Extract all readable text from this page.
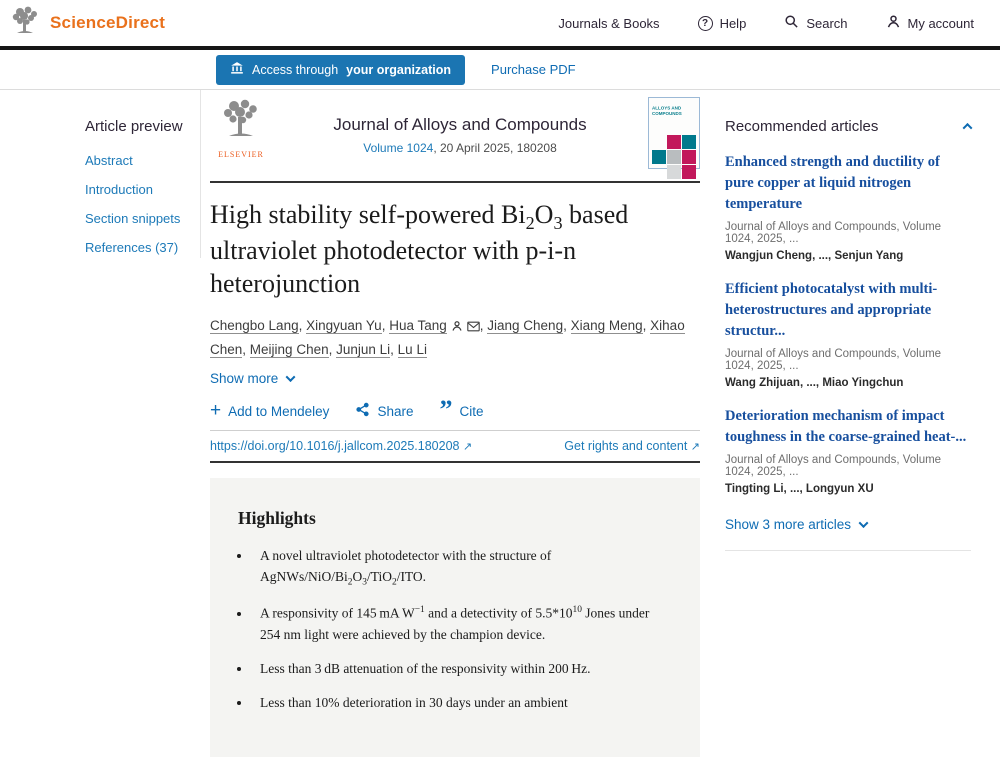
ScienceDirect	Journals & Books	? Help	Search	My account
Access through your organization	Purchase PDF
Article preview
Abstract
Introduction
Section snippets
References (37)
ELSEVIER
Journal of Alloys and Compounds
Volume 1024, 20 April 2025, 180208
ALLOYS AND COMPOUNDS
High stability self-powered $Bi_2O_3$ based ultraviolet photodetector with p-i-n heterojunction
Chengbo Lang, Xingyuan Yu, Hua Tang , Jiang Cheng, Xiang Meng, Xihao Chen, Meijing Chen, Junjun Li, Lu Li
Show more
+ Add to Mendeley	Share ” Cite
https://doi.org/10.1016/j.jallcom.2025.180208 ↗	Get rights and content ↗
Highlights
• A novel ultraviolet photodetector with the structure of AgNWs/$NiO/Bi_2O_3/TiO_2$/ITO.
• A responsivity of 145 mA $W^{-1}$ and a detectivity of $5.5*10^{10}$ Jones under 254 nm light were achieved by the champion device.
• Less than 3 dB attenuation of the responsivity within 200 Hz.
• Less than 10% deterioration in 30 days under an ambient
Recommended articles
Enhanced strength and ductility of pure copper at liquid nitrogen temperature
Journal of Alloys and Compounds, Volume 1024, 2025, ...
Wangjun Cheng, ..., Senjun Yang
Efficient photocatalyst with multi-heterostructures and appropriate structur...
Journal of Alloys and Compounds, Volume 1024, 2025, ...
Wang Zhijuan, ..., Miao Yingchun
Deterioration mechanism of impact toughness in the coarse-grained heat-...
Journal of Alloys and Compounds, Volume 1024, 2025, ...
Tingting Li, ..., Longyun XU
Show 3 more articles
